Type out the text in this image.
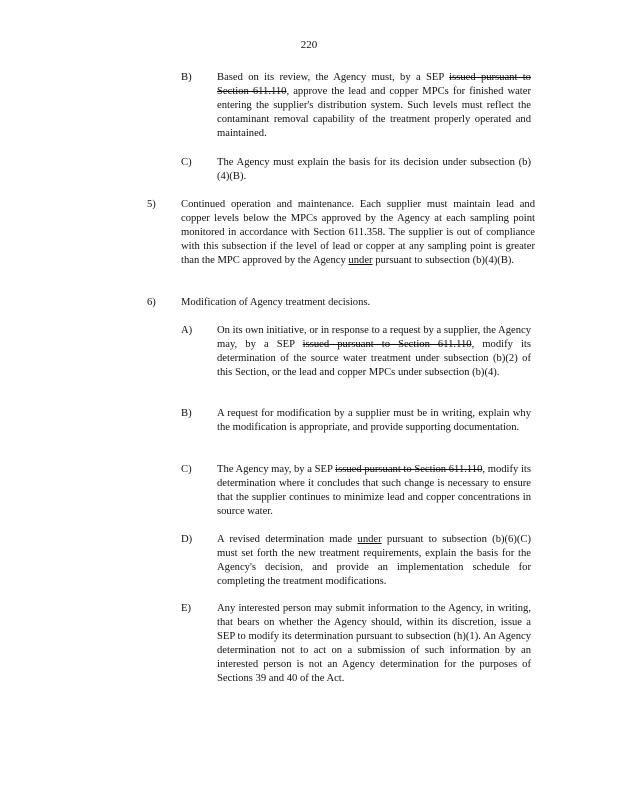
220
B)	Based on its review, the Agency must, by a SEP issued pursuant to Section 611.110, approve the lead and copper MPCs for finished water entering the supplier's distribution system. Such levels must reflect the contaminant removal capability of the treatment properly operated and maintained.
C)	The Agency must explain the basis for its decision under subsection (b)(4)(B).
5)	Continued operation and maintenance. Each supplier must maintain lead and copper levels below the MPCs approved by the Agency at each sampling point monitored in accordance with Section 611.358. The supplier is out of compliance with this subsection if the level of lead or copper at any sampling point is greater than the MPC approved by the Agency under pursuant to subsection (b)(4)(B).
6)	Modification of Agency treatment decisions.
A)	On its own initiative, or in response to a request by a supplier, the Agency may, by a SEP issued pursuant to Section 611.110, modify its determination of the source water treatment under subsection (b)(2) of this Section, or the lead and copper MPCs under subsection (b)(4).
B)	A request for modification by a supplier must be in writing, explain why the modification is appropriate, and provide supporting documentation.
C)	The Agency may, by a SEP issued pursuant to Section 611.110, modify its determination where it concludes that such change is necessary to ensure that the supplier continues to minimize lead and copper concentrations in source water.
D)	A revised determination made under pursuant to subsection (b)(6)(C) must set forth the new treatment requirements, explain the basis for the Agency's decision, and provide an implementation schedule for completing the treatment modifications.
E)	Any interested person may submit information to the Agency, in writing, that bears on whether the Agency should, within its discretion, issue a SEP to modify its determination pursuant to subsection (h)(1). An Agency determination not to act on a submission of such information by an interested person is not an Agency determination for the purposes of Sections 39 and 40 of the Act.
